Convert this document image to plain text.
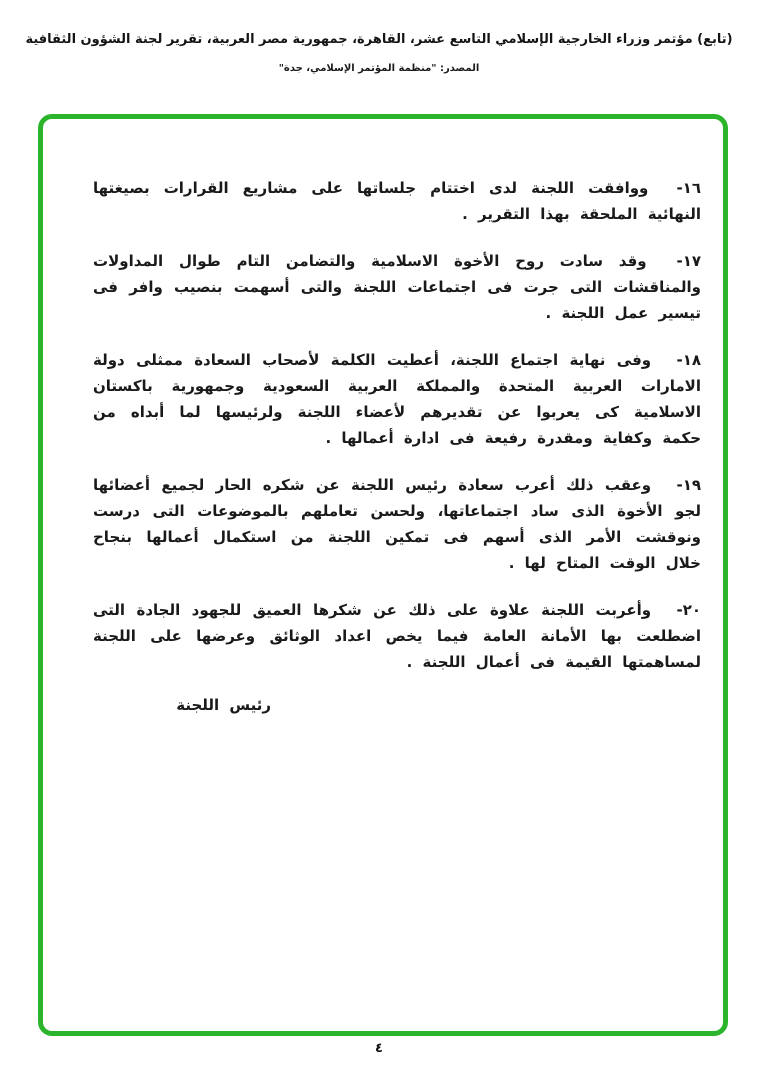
(تابع) مؤتمر وزراء الخارجية الإسلامي التاسع عشر، القاهرة، جمهورية مصر العربية، تقرير لجنة الشؤون الثقافية
المصدر: "منظمة المؤتمر الإسلامي، جدة"

١٦- ووافقت اللجنة لدى اختتام جلساتها على مشاريع القرارات بصيغتها النهائية الملحقة بهذا التقرير .

١٧- وقد سادت روح الأخوة الاسلامية والتضامن التام طوال المداولات والمناقشات التى جرت فى اجتماعات اللجنة والتى أسهمت بنصيب وافر فى تيسير عمل اللجنة .

١٨- وفى نهاية اجتماع اللجنة، أعطيت الكلمة لأصحاب السعادة ممثلى دولة الامارات العربية المتحدة والمملكة العربية السعودية وجمهورية باكستان الاسلامية كى يعربوا عن تقديرهم لأعضاء اللجنة ولرئيسها لما أبداه من حكمة وكفاية ومقدرة رفيعة فى ادارة أعمالها .

١٩- وعقب ذلك أعرب سعادة رئيس اللجنة عن شكره الحار لجميع أعضائها لجو الأخوة الذى ساد اجتماعاتها، ولحسن تعاملهم بالموضوعات التى درست ونوقشت الأمر الذى أسهم فى تمكين اللجنة من استكمال أعمالها بنجاح خلال الوقت المتاح لها .

٢٠- وأعربت اللجنة علاوة على ذلك عن شكرها العميق للجهود الجادة التى اضطلعت بها الأمانة العامة فيما يخص اعداد الوثائق وعرضها على اللجنة لمساهمتها القيمة فى أعمال اللجنة .

رئيس اللجنة
٤
